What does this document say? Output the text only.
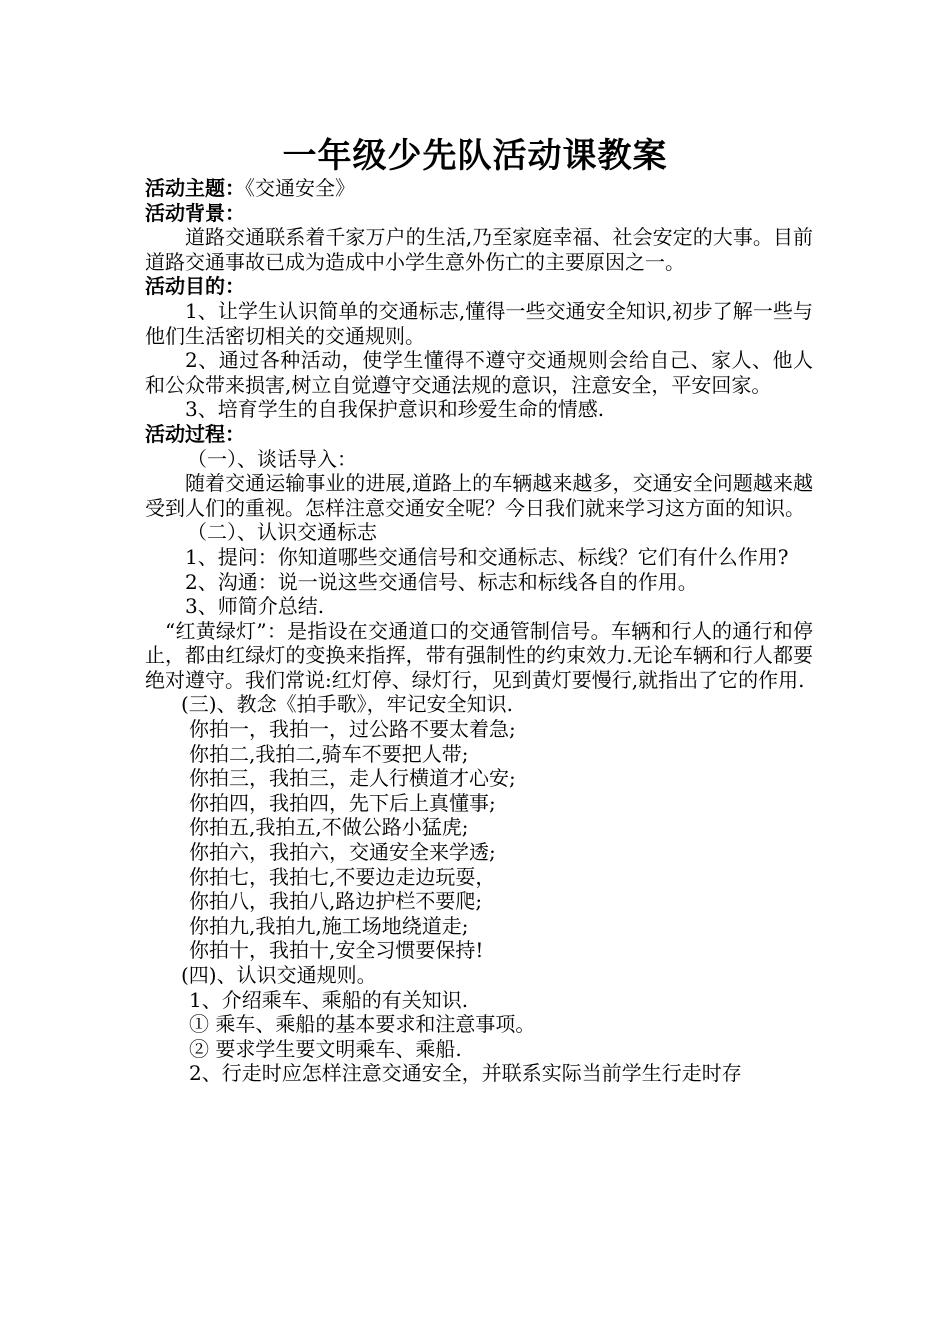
一年级少先队活动课教案
活动主题：《交通安全》
活动背景：
道路交通联系着千家万户的生活,乃至家庭幸福、社会安定的大事。目前道路交通事故已成为造成中小学生意外伤亡的主要原因之一。
活动目的：
1、让学生认识简单的交通标志,懂得一些交通安全知识,初步了解一些与他们生活密切相关的交通规则。
2、通过各种活动，使学生懂得不遵守交通规则会给自己、家人、他人和公众带来损害,树立自觉遵守交通法规的意识，注意安全，平安回家。
3、培育学生的自我保护意识和珍爱生命的情感.
活动过程：
（一）、谈话导入：
随着交通运输事业的进展,道路上的车辆越来越多，交通安全问题越来越受到人们的重视。怎样注意交通安全呢？今日我们就来学习这方面的知识。
（二）、认识交通标志
1、提问：你知道哪些交通信号和交通标志、标线？它们有什么作用?
2、沟通：说一说这些交通信号、标志和标线各自的作用。
3、师简介总结.
“红黄绿灯”：是指设在交通道口的交通管制信号。车辆和行人的通行和停止，都由红绿灯的变换来指挥，带有强制性的约束效力.无论车辆和行人都要绝对遵守。我们常说:红灯停、绿灯行，见到黄灯要慢行,就指出了它的作用.
(三)、教念《拍手歌》，牢记安全知识.
你拍一，我拍一，过公路不要太着急;
你拍二,我拍二,骑车不要把人带;
你拍三，我拍三，走人行横道才心安;
你拍四，我拍四，先下后上真懂事;
你拍五,我拍五,不做公路小猛虎;
你拍六，我拍六，交通安全来学透;
你拍七，我拍七,不要边走边玩耍，
你拍八，我拍八,路边护栏不要爬;
你拍九,我拍九,施工场地绕道走;
你拍十，我拍十,安全习惯要保持!
(四)、认识交通规则。
1、介绍乘车、乘船的有关知识.
① 乘车、乘船的基本要求和注意事项。
② 要求学生要文明乘车、乘船.
2、行走时应怎样注意交通安全，并联系实际当前学生行走时存
